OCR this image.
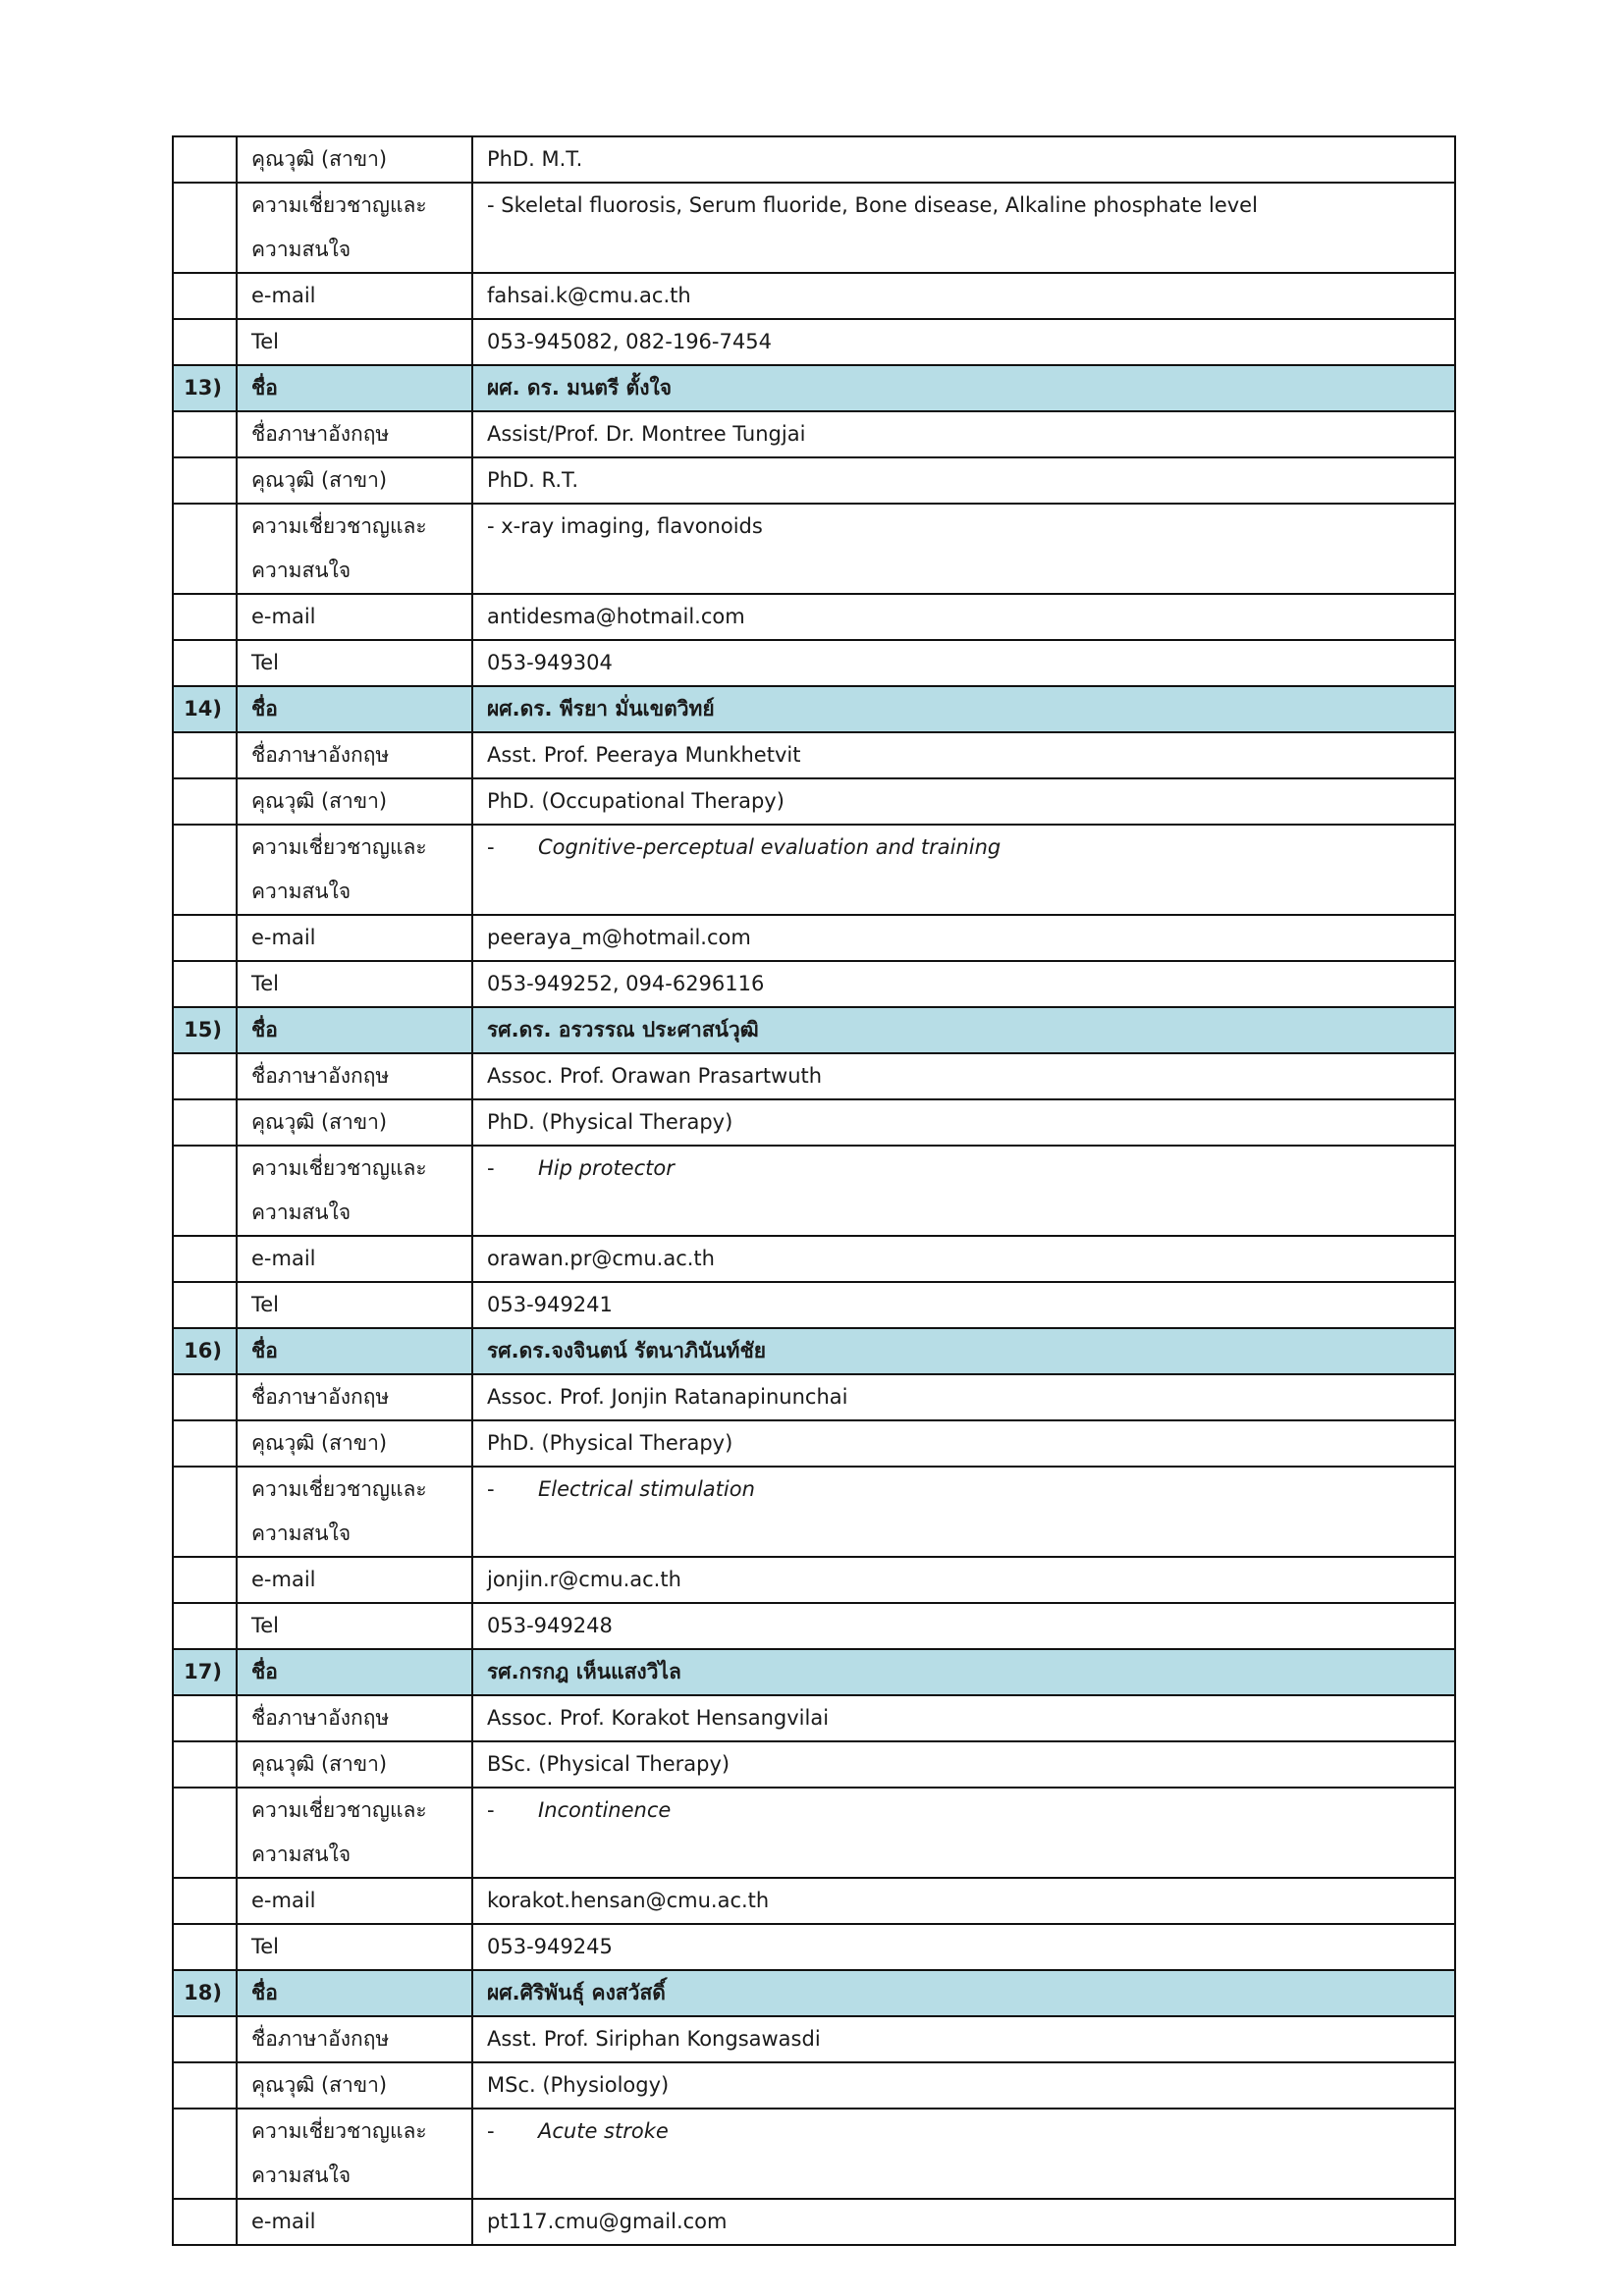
	คุณวุฒิ (สาขา)	PhD. M.T.
	ความเชี่ยวชาญและความสนใจ	- Skeletal fluorosis, Serum fluoride, Bone disease, Alkaline phosphate level
	e-mail	fahsai.k@cmu.ac.th
	Tel	053-945082, 082-196-7454
13)	ชื่อ	ผศ. ดร. มนตรี ตั้งใจ
	ชื่อภาษาอังกฤษ	Assist/Prof. Dr. Montree Tungjai
	คุณวุฒิ (สาขา)	PhD. R.T.
	ความเชี่ยวชาญและความสนใจ	- x-ray imaging, flavonoids
	e-mail	antidesma@hotmail.com
	Tel	053-949304
14)	ชื่อ	ผศ.ดร. พีรยา มั่นเขตวิทย์
	ชื่อภาษาอังกฤษ	Asst. Prof. Peeraya Munkhetvit
	คุณวุฒิ (สาขา)	PhD. (Occupational Therapy)
	ความเชี่ยวชาญและความสนใจ	- Cognitive-perceptual evaluation and training
	e-mail	peeraya_m@hotmail.com
	Tel	053-949252, 094-6296116
15)	ชื่อ	รศ.ดร. อรวรรณ ประศาสน์วุฒิ
	ชื่อภาษาอังกฤษ	Assoc. Prof. Orawan Prasartwuth
	คุณวุฒิ (สาขา)	PhD. (Physical Therapy)
	ความเชี่ยวชาญและความสนใจ	- Hip protector
	e-mail	orawan.pr@cmu.ac.th
	Tel	053-949241
16)	ชื่อ	รศ.ดร.จงจินตน์ รัตนาภินันท์ชัย
	ชื่อภาษาอังกฤษ	Assoc. Prof. Jonjin Ratanapinunchai
	คุณวุฒิ (สาขา)	PhD. (Physical Therapy)
	ความเชี่ยวชาญและความสนใจ	- Electrical stimulation
	e-mail	jonjin.r@cmu.ac.th
	Tel	053-949248
17)	ชื่อ	รศ.กรกฎ เห็นแสงวิไล
	ชื่อภาษาอังกฤษ	Assoc. Prof. Korakot Hensangvilai
	คุณวุฒิ (สาขา)	BSc. (Physical Therapy)
	ความเชี่ยวชาญและความสนใจ	- Incontinence
	e-mail	korakot.hensan@cmu.ac.th
	Tel	053-949245
18)	ชื่อ	ผศ.ศิริพันธุ์ คงสวัสดิ์
	ชื่อภาษาอังกฤษ	Asst. Prof. Siriphan Kongsawasdi
	คุณวุฒิ (สาขา)	MSc. (Physiology)
	ความเชี่ยวชาญและความสนใจ	- Acute stroke
	e-mail	pt117.cmu@gmail.com
